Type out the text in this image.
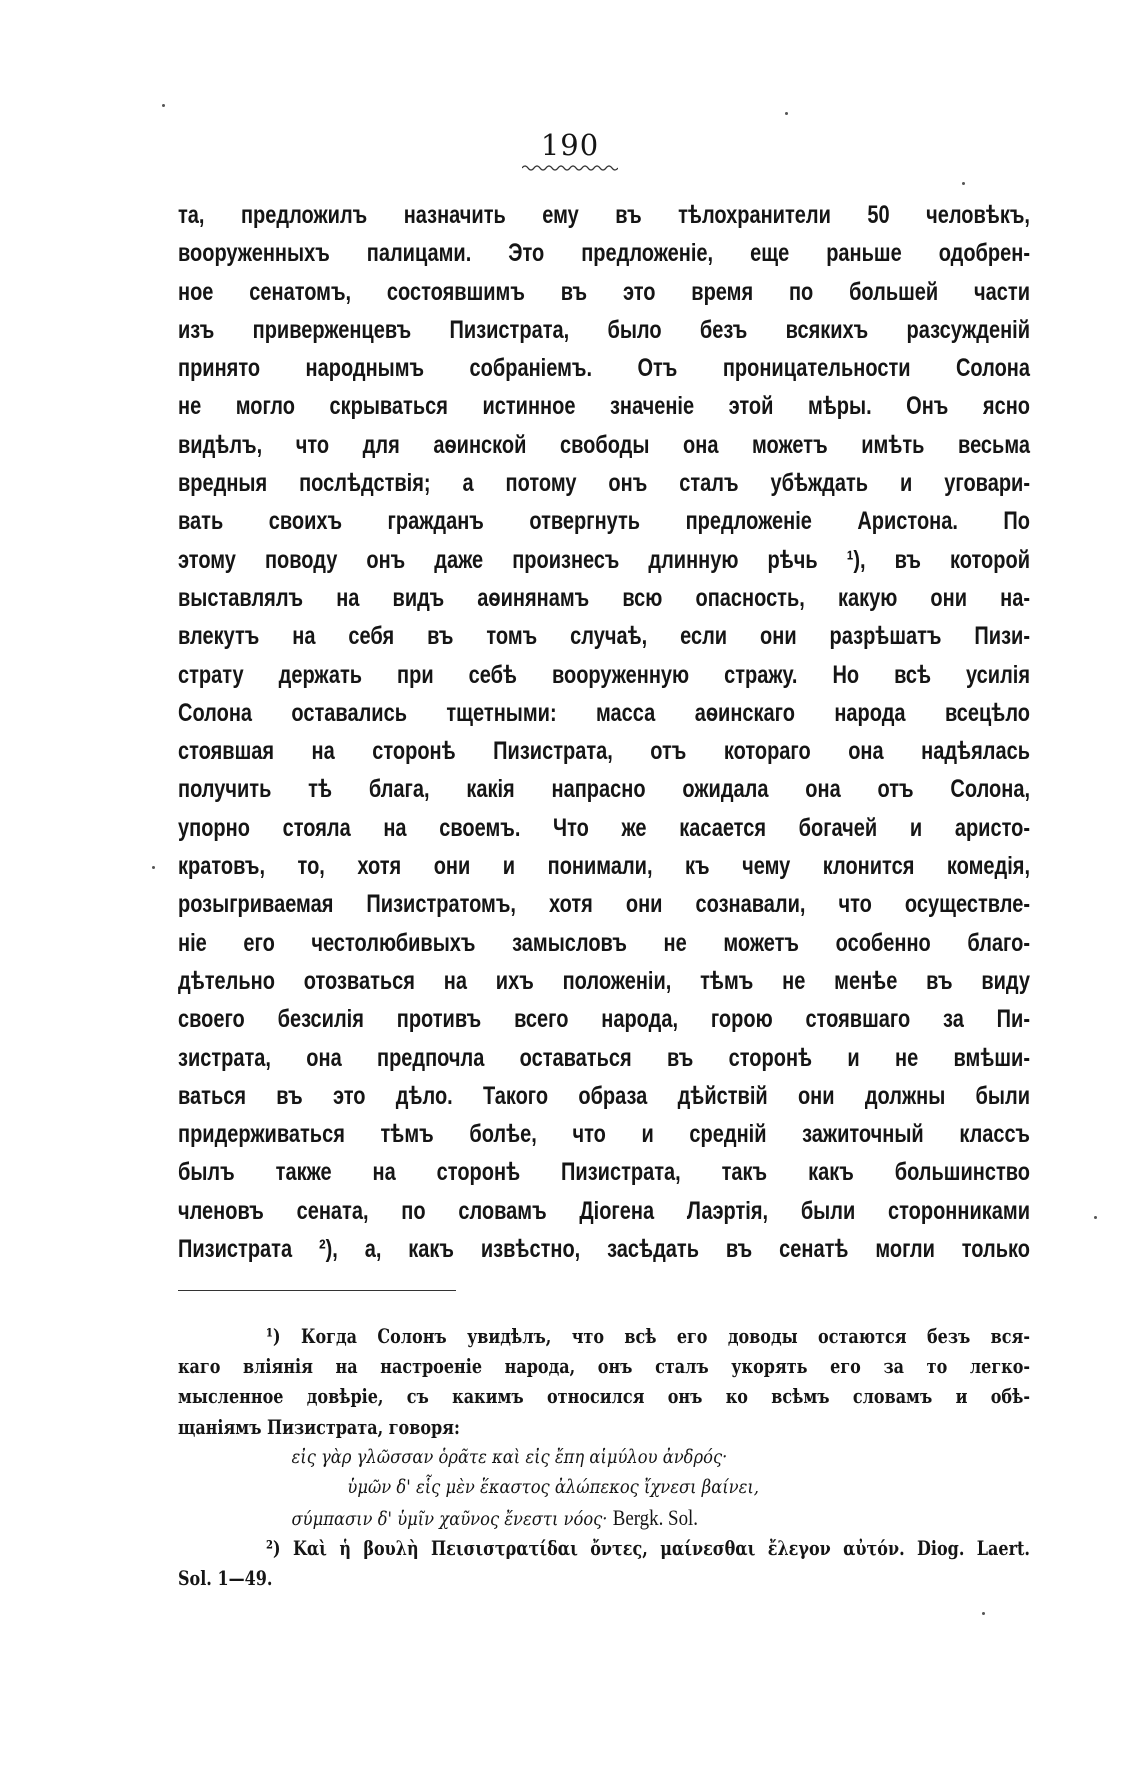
190
та, предложилъ назначить ему въ тѣлохранители 50 человѣкъ,
вооруженныхъ палицами. Это предложеніе, еще раньше одобрен-
ное сенатомъ, состоявшимъ въ это время по большей части
изъ приверженцевъ Пизистрата, было безъ всякихъ разсужденій
принято народнымъ собраніемъ. Отъ проницательности Солона
не могло скрываться истинное значеніе этой мѣры. Онъ ясно
видѣлъ, что для аѳинской свободы она можетъ имѣть весьма
вредныя послѣдствія; а потому онъ сталъ убѣждать и уговари-
вать своихъ гражданъ отвергнуть предложеніе Аристона. По
этому поводу онъ даже произнесъ длинную рѣчь ¹), въ которой
выставлялъ на видъ аѳинянамъ всю опасность, какую они на-
влекутъ на себя въ томъ случаѣ, если они разрѣшатъ Пизи-
страту держать при себѣ вооруженную стражу. Но всѣ усилія
Солона оставались тщетными: масса аѳинскаго народа всецѣло
стоявшая на сторонѣ Пизистрата, отъ котораго она надѣялась
получить тѣ блага, какія напрасно ожидала она отъ Солона,
упорно стояла на своемъ. Что же касается богачей и аристо-
кратовъ, то, хотя они и понимали, къ чему клонится комедія,
розыгриваемая Пизистратомъ, хотя они сознавали, что осуществле-
ніе его честолюбивыхъ замысловъ не можетъ особенно благо-
дѣтельно отозваться на ихъ положеніи, тѣмъ не менѣе въ виду
своего безсилія противъ всего народа, горою стоявшаго за Пи-
зистрата, она предпочла оставаться въ сторонѣ и не вмѣши-
ваться въ это дѣло. Такого образа дѣйствій они должны были
придерживаться тѣмъ болѣе, что и средній зажиточный классъ
былъ также на сторонѣ Пизистрата, такъ какъ большинство
членовъ сената, по словамъ Діогена Лаэртія, были сторонниками
Пизистрата ²), а, какъ извѣстно, засѣдать въ сенатѣ могли только
¹) Когда Солонъ увидѣлъ, что всѣ его доводы остаются безъ вся-
каго вліянія на настроеніе народа, онъ сталъ укорять его за то легко-
мысленное довѣріе, съ какимъ относился онъ ко всѣмъ словамъ и обѣ-
щаніямъ Пизистрата, говоря:
εἰς γὰρ γλῶσσαν ὁρᾶτε καὶ εἰς ἔπη αἱμύλου ἀνδρός·
ὑμῶν δ' εἷς μὲν ἕκαστος ἀλώπεκος ἴχνεσι βαίνει,
σύμπασιν δ' ὑμῖν χαῦνος ἔνεστι νόος· Bergk. Sol.
²) Καὶ ἡ βουλὴ Πεισιστρατίδαι ὄντες, μαίνεσθαι ἔλεγον αὐτόν. Diog. Laert.
Sol. 1—49.
